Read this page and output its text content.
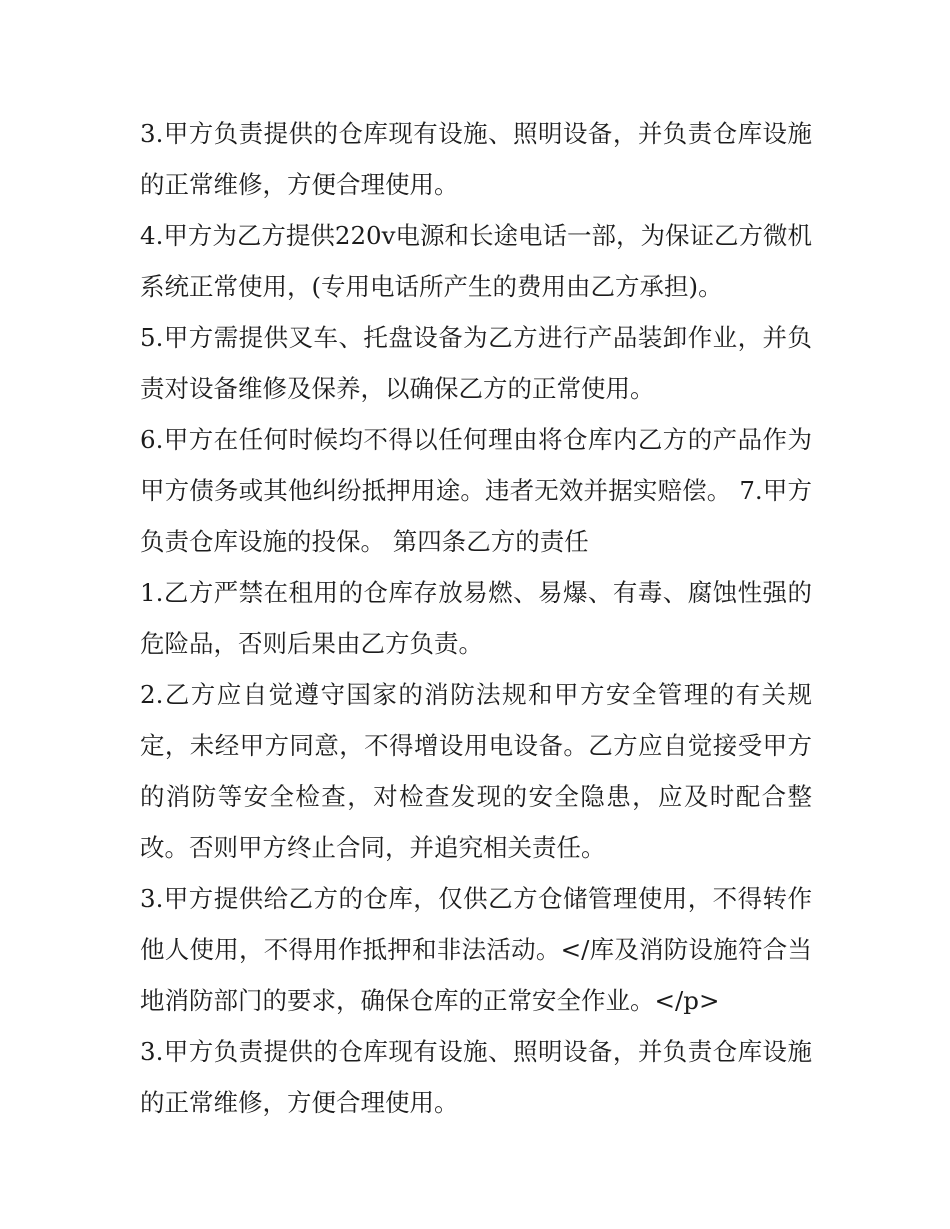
3.甲方负责提供的仓库现有设施、照明设备，并负责仓库设施的正常维修，方便合理使用。

4.甲方为乙方提供220v电源和长途电话一部，为保证乙方微机系统正常使用，(专用电话所产生的费用由乙方承担)。

5.甲方需提供叉车、托盘设备为乙方进行产品装卸作业，并负责对设备维修及保养，以确保乙方的正常使用。

6.甲方在任何时候均不得以任何理由将仓库内乙方的产品作为甲方债务或其他纠纷抵押用途。违者无效并据实赔偿。 7.甲方负责仓库设施的投保。 第四条乙方的责任

1.乙方严禁在租用的仓库存放易燃、易爆、有毒、腐蚀性强的危险品，否则后果由乙方负责。

2.乙方应自觉遵守国家的消防法规和甲方安全管理的有关规定，未经甲方同意，不得增设用电设备。乙方应自觉接受甲方的消防等安全检查，对检查发现的安全隐患，应及时配合整改。否则甲方终止合同，并追究相关责任。

3.甲方提供给乙方的仓库，仅供乙方仓储管理使用，不得转作他人使用，不得用作抵押和非法活动。</库及消防设施符合当地消防部门的要求，确保仓库的正常安全作业。</p>

3.甲方负责提供的仓库现有设施、照明设备，并负责仓库设施的正常维修，方便合理使用。
